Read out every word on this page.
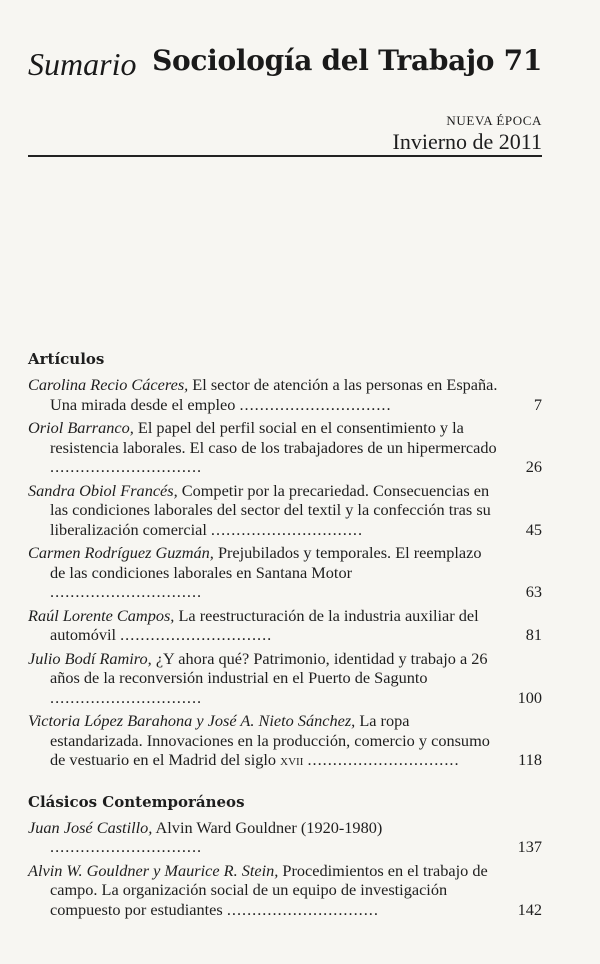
Sumario Sociología del Trabajo 71
NUEVA ÉPOCA
Invierno de 2011
Artículos
Carolina Recio Cáceres, El sector de atención a las personas en España. Una mirada desde el empleo ..............................	7
Oriol Barranco, El papel del perfil social en el consentimiento y la resistencia laborales. El caso de los trabajadores de un hipermercado ..............................	26
Sandra Obiol Francés, Competir por la precariedad. Consecuencias en las condiciones laborales del sector del textil y la confección tras su liberalización comercial ..............................	45
Carmen Rodríguez Guzmán, Prejubilados y temporales. El reemplazo de las condiciones laborales en Santana Motor ..............................	63
Raúl Lorente Campos, La reestructuración de la industria auxiliar del automóvil ..............................	81
Julio Bodí Ramiro, ¿Y ahora qué? Patrimonio, identidad y trabajo a 26 años de la reconversión industrial en el Puerto de Sagunto ..............................	100
Victoria López Barahona y José A. Nieto Sánchez, La ropa estandarizada. Innovaciones en la producción, comercio y consumo de vestuario en el Madrid del siglo xvii ..............................	118
Clásicos Contemporáneos
Juan José Castillo, Alvin Ward Gouldner (1920-1980) ..............................	137
Alvin W. Gouldner y Maurice R. Stein, Procedimientos en el trabajo de campo. La organización social de un equipo de investigación compuesto por estudiantes ..............................	142
